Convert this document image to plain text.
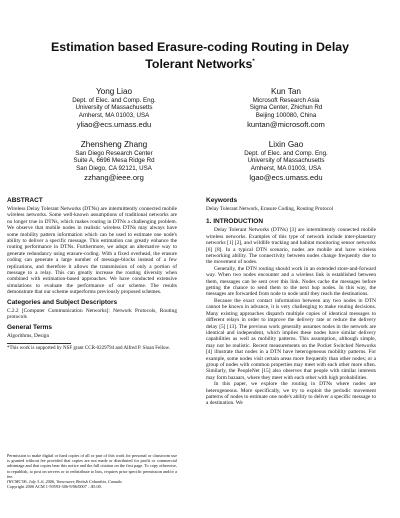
Estimation based Erasure-coding Routing in Delay
Tolerant Networks*
Yong Liao
Dept. of Elec. and Comp. Eng.
University of Massachusetts
Amherst, MA 01003, USA
yliao@ecs.umass.edu
Kun Tan
Microsoft Research Asia
Sigma Center, Zhichun Rd
Beijing 100080, China
kuntan@microsoft.com
Zhensheng Zhang
San Diego Research Center
Suite A, 6696 Mesa Ridge Rd
San Diego, CA 92121, USA
zzhang@ieee.org
Lixin Gao
Dept. of Elec. and Comp. Eng.
University of Massachusetts
Amherst, MA 01003, USA
lgao@ecs.umass.edu
ABSTRACT

Wireless Delay Tolerant Networks (DTNs) are intermittently connected mobile wireless networks. Some well-known assumptions of traditional networks are no longer true in DTNs, which makes routing in DTNs a challenging problem. We observe that mobile nodes in realistic wireless DTNs may always have some mobility pattern information which can be used to estimate one node's ability to deliver a specific message. This estimation can greatly enhance the routing performance in DTNs. Furthermore, we adopt an alternative way to generate redundancy using erasure-coding. With a fixed overhead, the erasure coding can generate a large number of message-blocks instead of a few replications, and therefore it allows the transmission of only a portion of message to a relay. This can greatly increase the routing diversity when combined with estimation-based approaches. We have conducted extensive simulations to evaluate the performance of our scheme. The results demonstrate that our scheme outperforms previously proposed schemes.

Categories and Subject Descriptors

C.2.2 [Computer Communication Networks]: Network Protocols, Routing protocols

General Terms

Algorithms, Design

*This work is supported by NSF grant CCR-0229794 and Alfred P. Sloan Fellow.

Permission to make digital or hard copies of all or part of this work for personal or classroom use is granted without fee provided that copies are not made or distributed for profit or commercial advantage and that copies bear this notice and the full citation on the first page. To copy otherwise, to republish, to post on servers or to redistribute to lists, requires prior specific permission and/or a fee.

IWCMC'06, July 3–6, 2006, Vancouver, British Columbia, Canada.

Copyright 2006 ACM 1-59593-306-9/06/0007 ...$5.00.

Keywords

Delay Tolerant Network, Erasure Coding, Routing Protocol

1. INTRODUCTION

Delay Tolerant Networks (DTNs) [3] are intermittently connected mobile wireless networks. Examples of this type of network include inter-planetary networks [1] [2], and wildlife tracking and habitat monitoring sensor networks [6] [8]. In a typical DTN scenario, nodes are mobile and have wireless networking ability. The connectivity between nodes change frequently due to the movement of nodes.

Generally, the DTN routing should work in an extended store-and-forward way. When two nodes encounter and a wireless link is established between them, messages can be sent over this link. Nodes cache the messages before getting the chance to send them to the next hop nodes. In this way, the messages are forwarded from node to node until they reach the destinations.

Because the exact contact information between any two nodes in DTN cannot be known in advance, it is very challenging to make routing decisions. Many existing approaches dispatch multiple copies of identical messages to different relays in order to improve the delivery rate or reduce the delivery delay [5] [13]. The previous work generally assumes nodes in the network are identical and independent, which implies these nodes have similar delivery capabilities as well as mobility patterns. This assumption, although simple, may not be realistic. Recent measurements on the Pocket Switched Networks [4] illustrate that nodes in a DTN have heterogeneous mobility patterns. For example, some nodes visit certain areas more frequently than other nodes; or a group of nodes with common properties may meet with each other more often. Similarly, the PeopleNet [15] also observes that people with similar interests may form bazaars, where they meet with each other with high probabilities.

In this paper, we explore the routing in DTNs where nodes are heterogeneous. More specifically, we try to exploit the periodic movement patterns of nodes to estimate one node's ability to deliver a specific message to a destination. We
